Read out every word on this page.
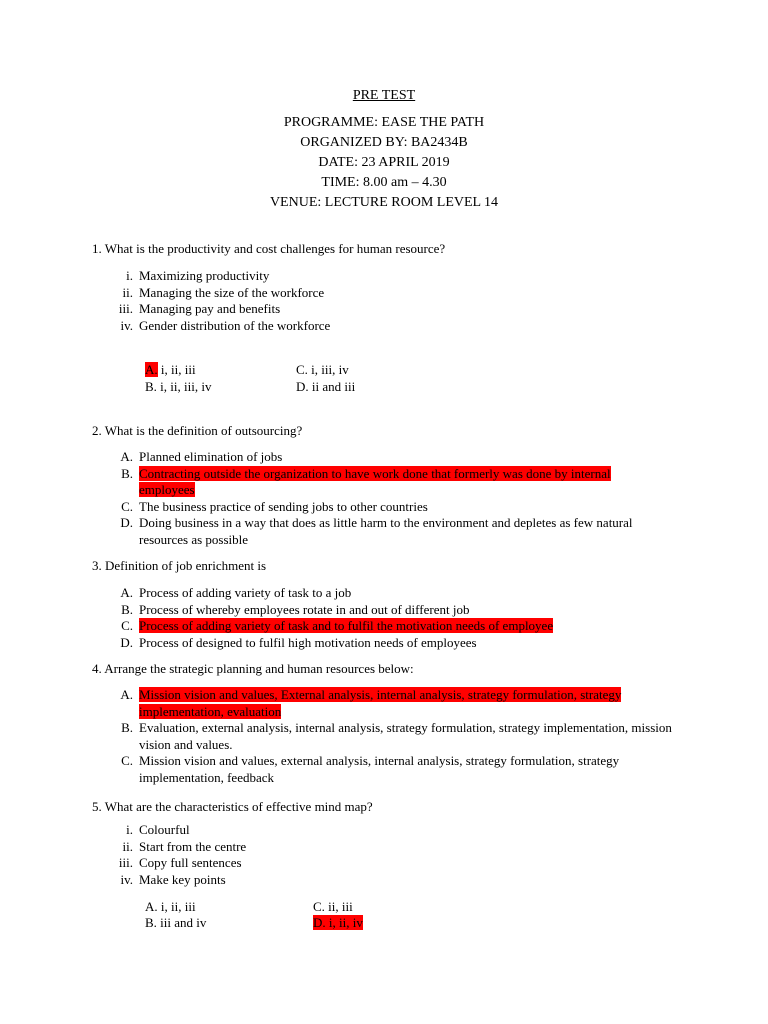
PRE TEST
PROGRAMME: EASE THE PATH
ORGANIZED BY: BA2434B
DATE: 23 APRIL 2019
TIME: 8.00 am – 4.30
VENUE: LECTURE ROOM LEVEL 14
1. What is the productivity and cost challenges for human resource?
i. Maximizing productivity
ii. Managing the size of the workforce
iii. Managing pay and benefits
iv. Gender distribution of the workforce
A. i, ii, iii	C. i, iii, iv
B. i, ii, iii, iv	D. ii and iii
2. What is the definition of outsourcing?
A. Planned elimination of jobs
B. Contracting outside the organization to have work done that formerly was done by internal employees
C. The business practice of sending jobs to other countries
D. Doing business in a way that does as little harm to the environment and depletes as few natural resources as possible
3. Definition of job enrichment is
A. Process of adding variety of task to a job
B. Process of whereby employees rotate in and out of different job
C. Process of adding variety of task and to fulfil the motivation needs of employee
D. Process of designed to fulfil high motivation needs of employees
4. Arrange the strategic planning and human resources below:
A. Mission vision and values, External analysis, internal analysis, strategy formulation, strategy implementation, evaluation
B. Evaluation, external analysis, internal analysis, strategy formulation, strategy implementation, mission vision and values.
C. Mission vision and values, external analysis, internal analysis, strategy formulation, strategy implementation, feedback
5. What are the characteristics of effective mind map?
i. Colourful
ii. Start from the centre
iii. Copy full sentences
iv. Make key points
A. i, ii, iii	C. ii, iii
B. iii and iv	D. i, ii, iv
